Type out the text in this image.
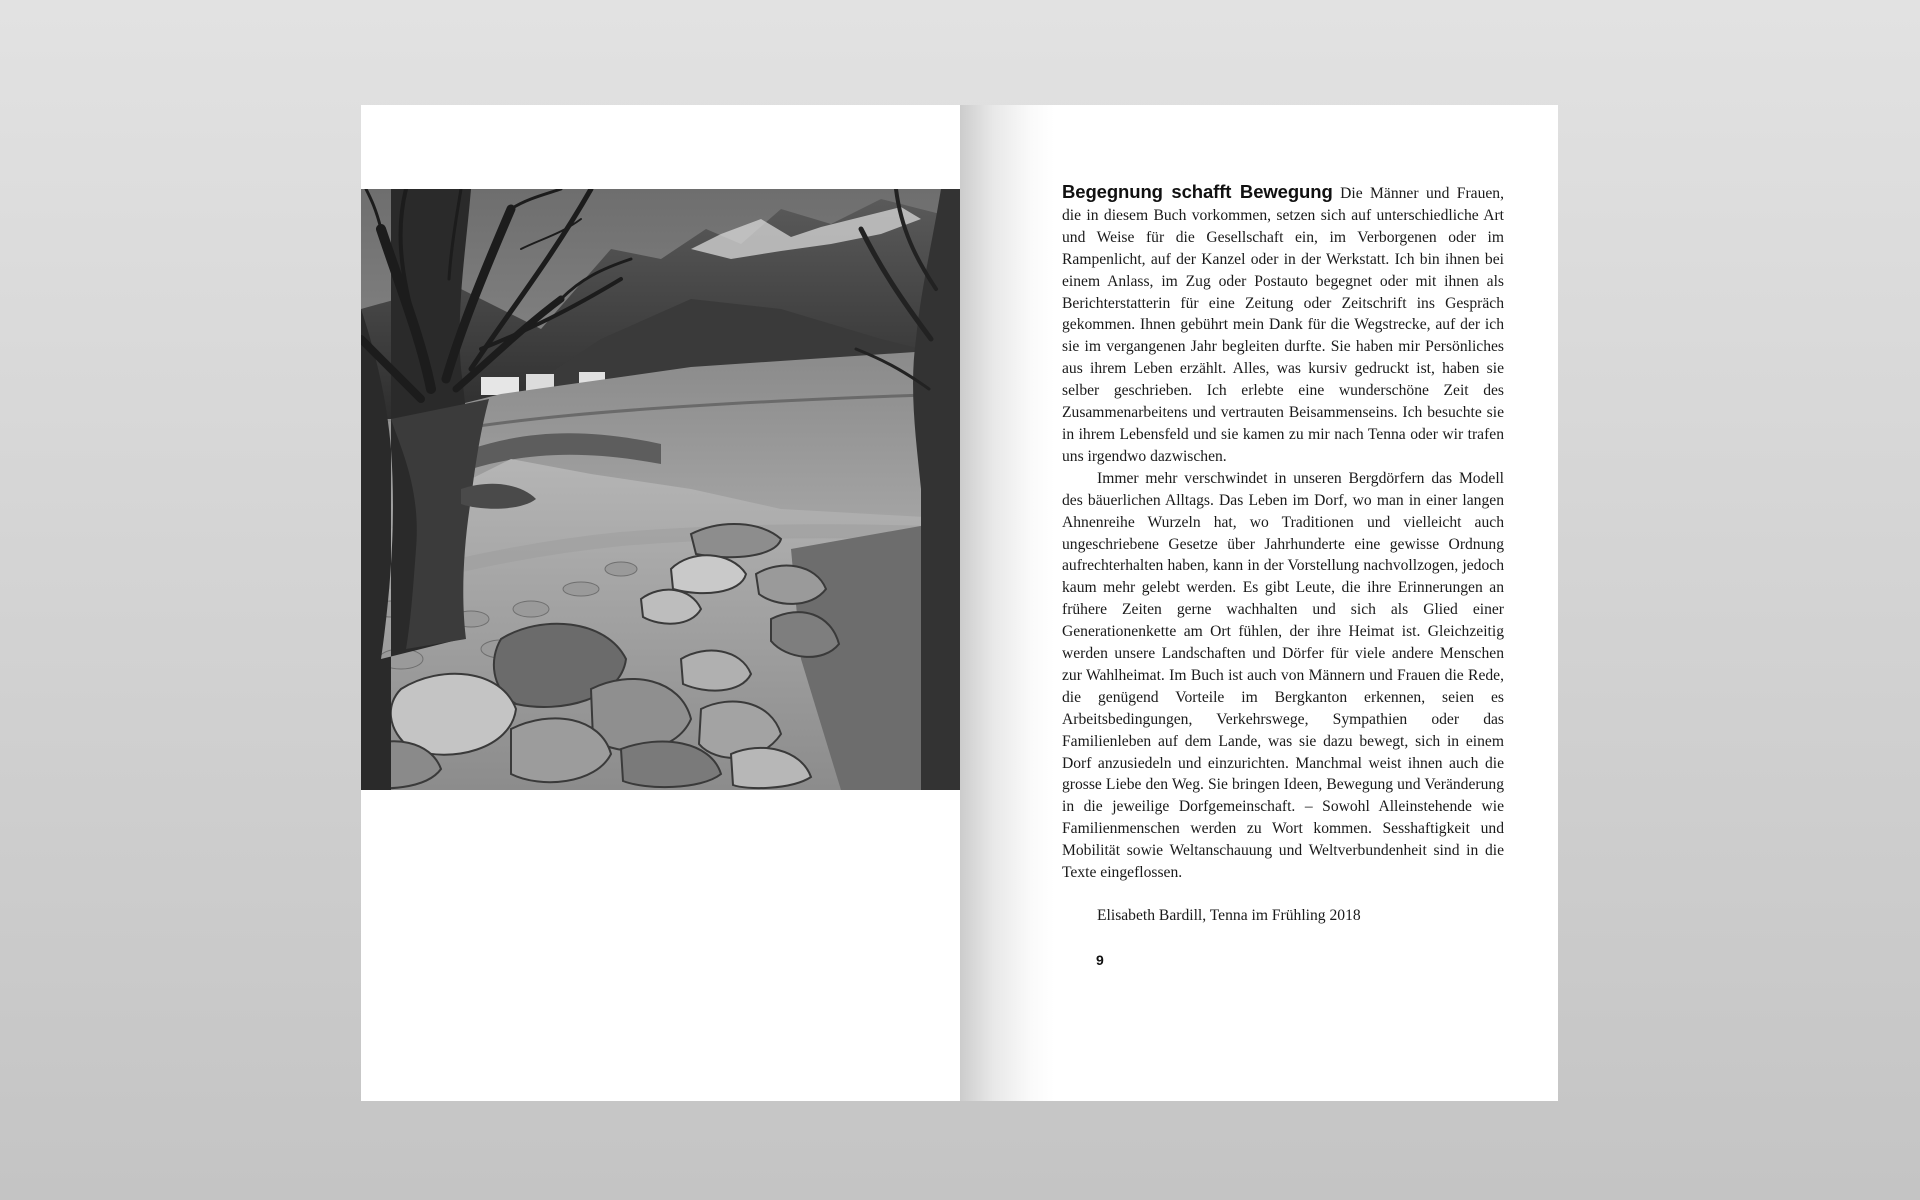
Begegnung schafft Bewegung Die Männer und Frauen, die in diesem Buch vorkommen, setzen sich auf unterschiedliche Art und Weise für die Gesellschaft ein, im Verborgenen oder im Rampenlicht, auf der Kanzel oder in der Werkstatt. Ich bin ihnen bei einem Anlass, im Zug oder Postauto begegnet oder mit ihnen als Berichterstatterin für eine Zeitung oder Zeitschrift ins Gespräch gekommen. Ihnen gebührt mein Dank für die Wegstrecke, auf der ich sie im vergangenen Jahr begleiten durfte. Sie haben mir Persönliches aus ihrem Leben erzählt. Alles, was kursiv gedruckt ist, haben sie selber geschrieben. Ich erlebte eine wunderschöne Zeit des Zusammenarbeitens und vertrauten Beisammenseins. Ich besuchte sie in ihrem Lebensfeld und sie kamen zu mir nach Tenna oder wir trafen uns irgendwo dazwischen.

Immer mehr verschwindet in unseren Bergdörfern das Modell des bäuerlichen Alltags. Das Leben im Dorf, wo man in einer langen Ahnenreihe Wurzeln hat, wo Traditionen und vielleicht auch ungeschriebene Gesetze über Jahrhunderte eine gewisse Ordnung aufrechterhalten haben, kann in der Vorstellung nachvollzogen, jedoch kaum mehr gelebt werden. Es gibt Leute, die ihre Erinnerungen an frühere Zeiten gerne wachhalten und sich als Glied einer Generationenkette am Ort fühlen, der ihre Heimat ist. Gleichzeitig werden unsere Landschaften und Dörfer für viele andere Menschen zur Wahlheimat. Im Buch ist auch von Männern und Frauen die Rede, die genügend Vorteile im Bergkanton erkennen, seien es Arbeitsbedingungen, Verkehrswege, Sympathien oder das Familienleben auf dem Lande, was sie dazu bewegt, sich in einem Dorf anzusiedeln und einzurichten. Manchmal weist ihnen auch die grosse Liebe den Weg. Sie bringen Ideen, Bewegung und Veränderung in die jeweilige Dorfgemeinschaft. – Sowohl Alleinstehende wie Familienmenschen werden zu Wort kommen. Sesshaftigkeit und Mobilität sowie Weltanschauung und Weltverbundenheit sind in die Texte eingeflossen.

Elisabeth Bardill, Tenna im Frühling 2018
9
